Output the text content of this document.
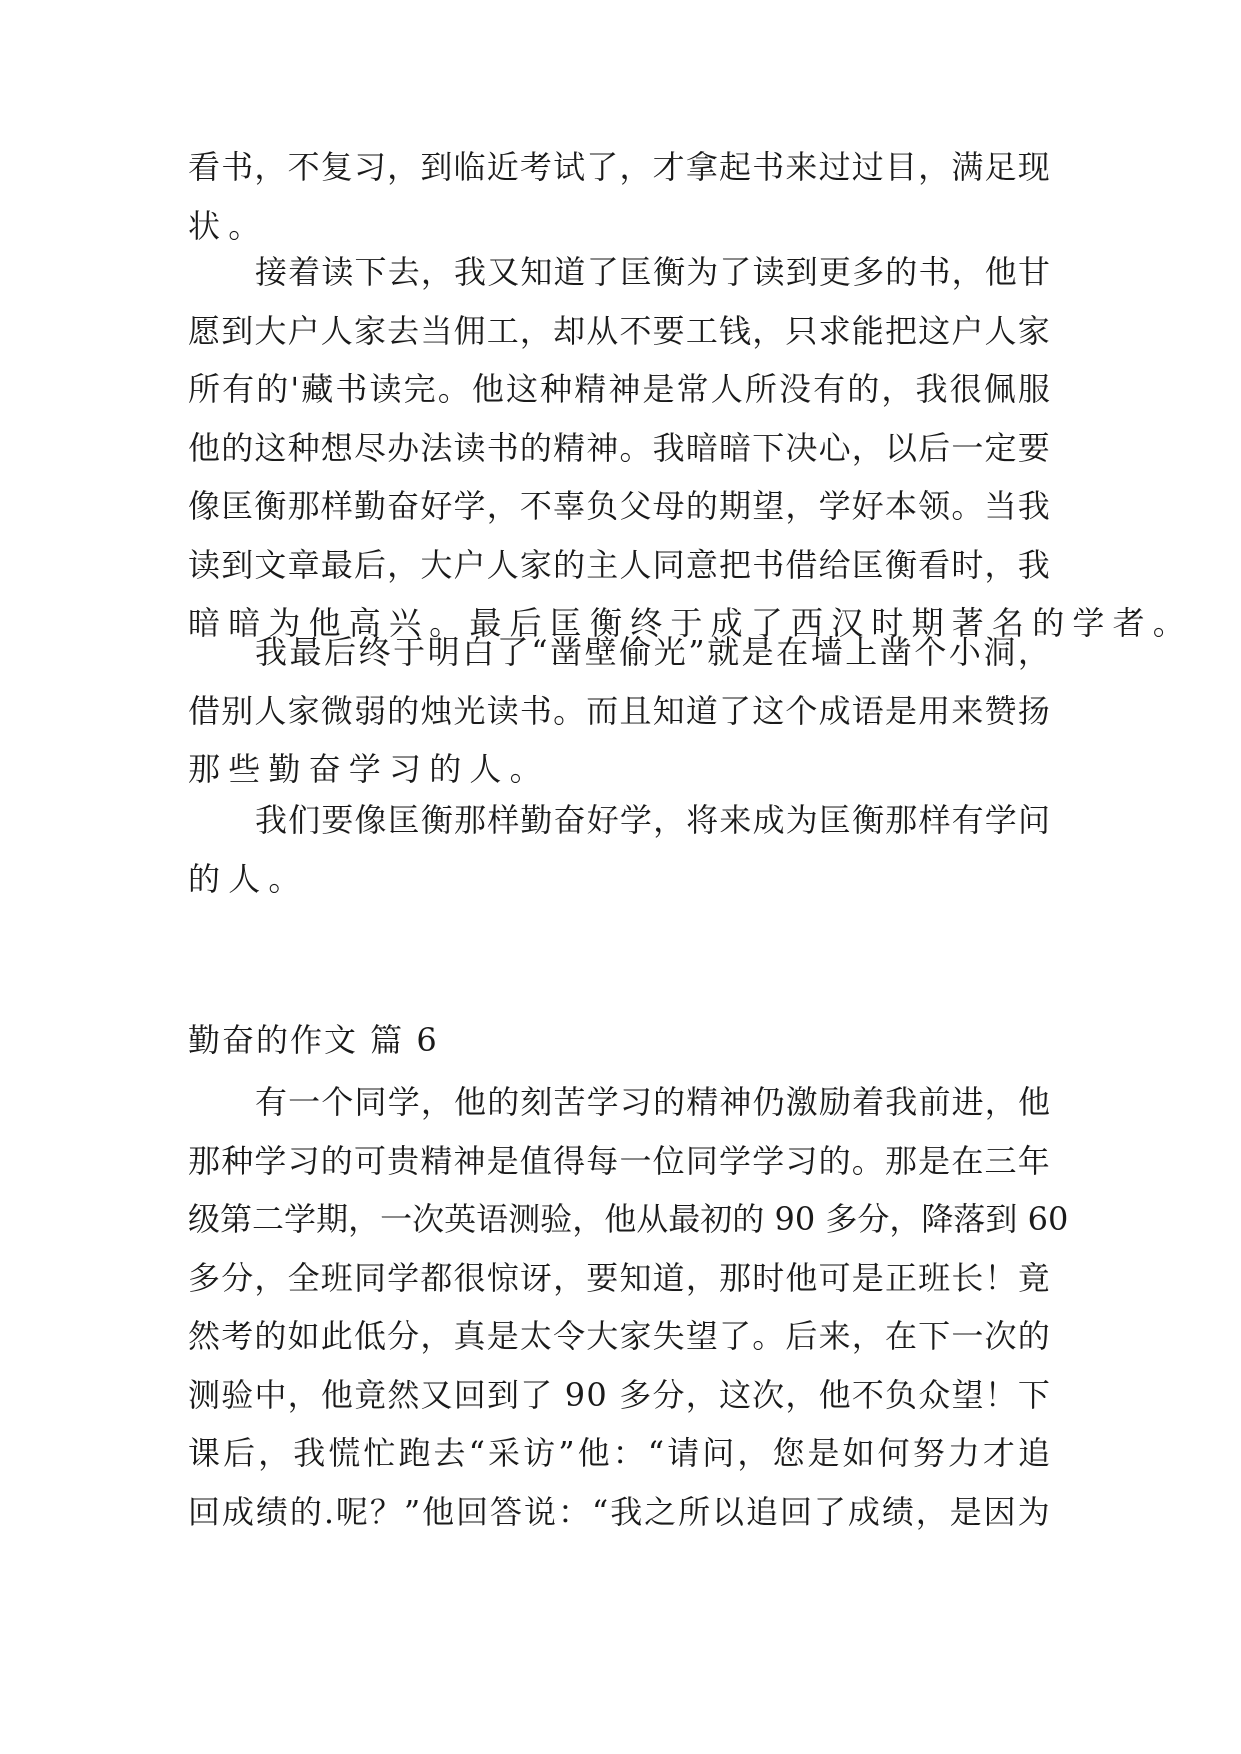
看 书 ， 不 复 习 ， 到 临 近 考 试 了 ， 才 拿 起 书 来 过 过 目 ， 满 足 现
状。
接 着 读 下 去 ， 我 又 知 道 了 匡 衡 为 了 读 到 更 多 的 书 ， 他 甘
愿 到 大 户 人 家 去 当 佣 工 ， 却 从 不 要 工 钱 ， 只 求 能 把 这 户 人 家
所 有 的 ' 藏 书 读 完 。 他 这 种 精 神 是 常 人 所 没 有 的 ， 我 很 佩 服
他 的 这 种 想 尽 办 法 读 书 的 精 神 。 我 暗 暗 下 决 心 ， 以 后 一 定 要
像 匡 衡 那 样 勤 奋 好 学 ， 不 辜 负 父 母 的 期 望 ， 学 好 本 领 。 当 我
读 到 文 章 最 后 ， 大 户 人 家 的 主 人 同 意 把 书 借 给 匡 衡 看 时 ， 我
暗暗为他高兴。最后匡衡终于成了西汉时期著名的学者。
我 最 后 终 于 明 白 了 “ 凿 壁 偷 光 ” 就 是 在 墙 上 凿 个 小 洞 ，
借 别 人 家 微 弱 的 烛 光 读 书 。 而 且 知 道 了 这 个 成 语 是 用 来 赞 扬
那些勤奋学习的人。
我 们 要 像 匡 衡 那 样 勤 奋 好 学 ， 将 来 成 为 匡 衡 那 样 有 学 问
的人。
勤奋的作文 篇 6
有 一 个 同 学 ， 他 的 刻 苦 学 习 的 精 神 仍 激 励 着 我 前 进 ， 他
那 种 学 习 的 可 贵 精 神 是 值 得 每 一 位 同 学 学 习 的 。 那 是 在 三 年
级 第 二 学 期 ， 一 次 英 语 测 验 ， 他 从 最 初 的
9 0
多 分 ， 降 落 到
6 0
多 分 ， 全 班 同 学 都 很 惊 讶 ， 要 知 道 ， 那 时 他 可 是 正 班 长 ！ 竟
然 考 的 如 此 低 分 ， 真 是 太 令 大 家 失 望 了 。 后 来 ， 在 下 一 次 的
测 验 中 ， 他 竟 然 又 回 到 了
9 0
多 分 ， 这 次 ， 他 不 负 众 望 ！ 下
课 后 ， 我 慌 忙 跑 去 “ 采 访 ” 他 ： “ 请 问 ， 您 是 如 何 努 力 才 追
回 成 绩 的 . 呢 ？ ” 他 回 答 说 ： “ 我 之 所 以 追 回 了 成 绩 ， 是 因 为
